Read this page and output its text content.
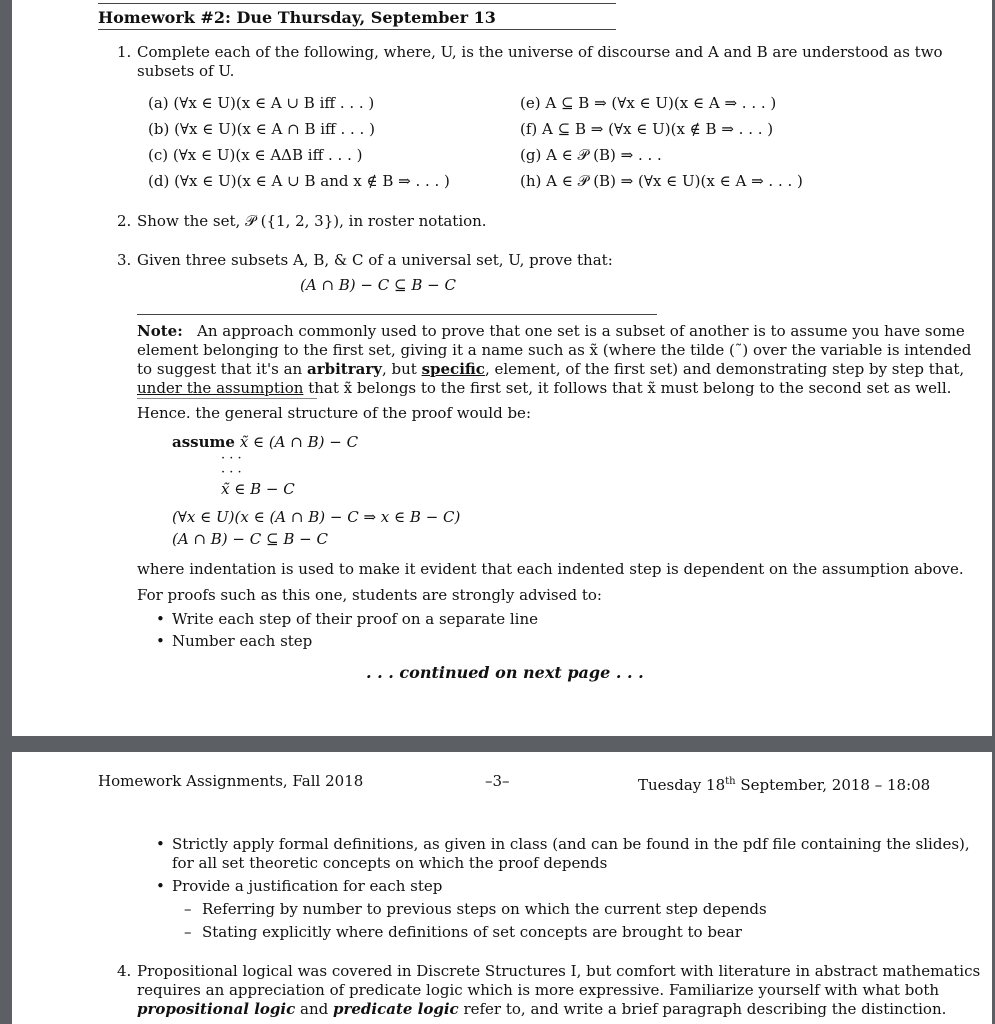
Homework #2: Due Thursday, September 13
1. Complete each of the following, where, U, is the universe of discourse and A and B are understood as two
subsets of U.
(a) (∀x ∈ U)(x ∈ A ∪ B iff . . . )
(b) (∀x ∈ U)(x ∈ A ∩ B iff . . . )
(c) (∀x ∈ U)(x ∈ AΔB iff . . . )
(d) (∀x ∈ U)(x ∈ A ∪ B and x ∉ B ⇒ . . . )
(e) A ⊆ B ⇒ (∀x ∈ U)(x ∈ A ⇒ . . . )
(f) A ⊆ B ⇒ (∀x ∈ U)(x ∉ B ⇒ . . . )
(g) A ∈ 𝒫 (B) ⇒ . . .
(h) A ∈ 𝒫 (B) ⇒ (∀x ∈ U)(x ∈ A ⇒ . . . )
2. Show the set, 𝒫 ({1, 2, 3}), in roster notation.
3. Given three subsets A, B, & C of a universal set, U, prove that:
(A ∩ B) − C ⊆ B − C
Note: An approach commonly used to prove that one set is a subset of another is to assume you have some
element belonging to the first set, giving it a name such as x̃ (where the tilde (˜) over the variable is intended
to suggest that it's an arbitrary, but specific, element, of the first set) and demonstrating step by step that,
under the assumption that x̃ belongs to the first set, it follows that x̃ must belong to the second set as well.
Hence. the general structure of the proof would be:
assume x̃ ∈ (A ∩ B) − C
· · ·
· · ·
x̃ ∈ B − C
(∀x ∈ U)(x ∈ (A ∩ B) − C ⇒ x ∈ B − C)
(A ∩ B) − C ⊆ B − C
where indentation is used to make it evident that each indented step is dependent on the assumption above.
For proofs such as this one, students are strongly advised to:
• Write each step of their proof on a separate line
• Number each step
. . . continued on next page . . .
Homework Assignments, Fall 2018	–3–	Tuesday 18th September, 2018 – 18:08
• Strictly apply formal definitions, as given in class (and can be found in the pdf file containing the slides),
for all set theoretic concepts on which the proof depends
• Provide a justification for each step
– Referring by number to previous steps on which the current step depends
– Stating explicitly where definitions of set concepts are brought to bear
4. Propositional logical was covered in Discrete Structures I, but comfort with literature in abstract mathematics
requires an appreciation of predicate logic which is more expressive. Familiarize yourself with what both
propositional logic and predicate logic refer to, and write a brief paragraph describing the distinction.
